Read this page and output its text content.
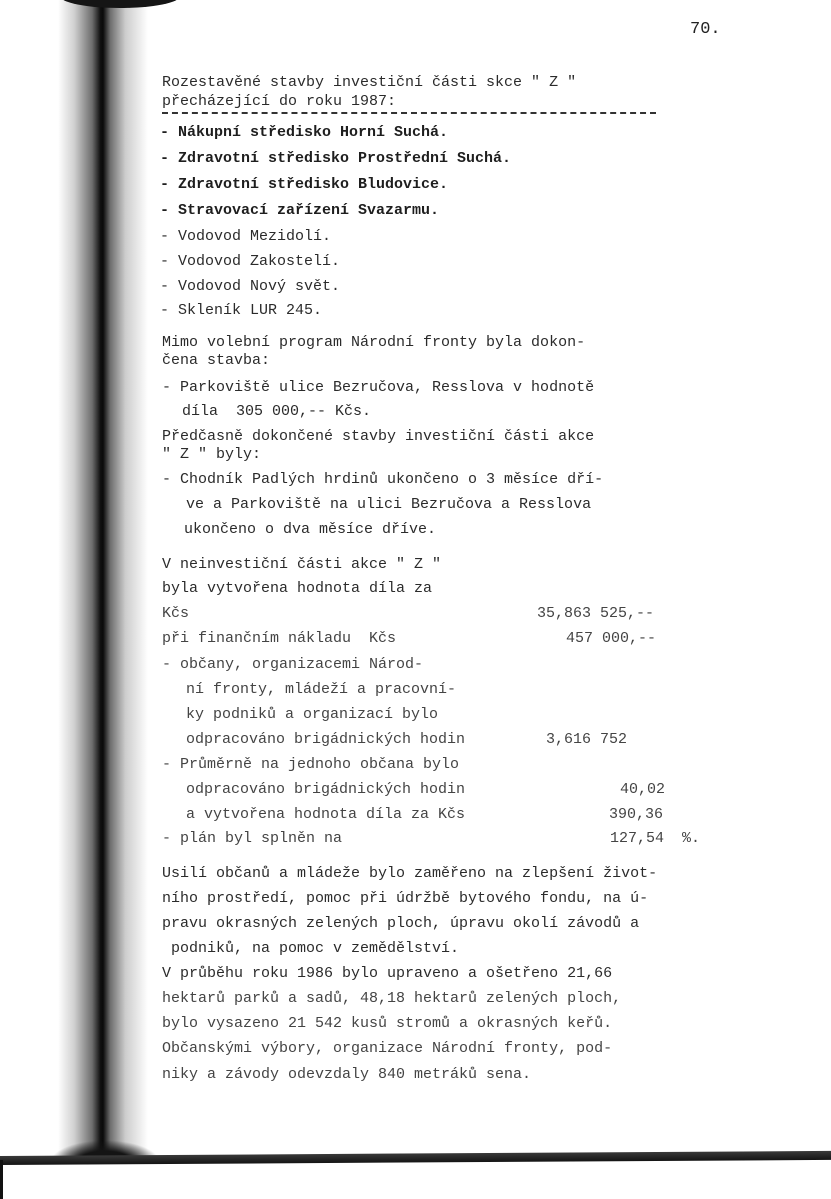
70.
Rozestavěné stavby investiční části skce " Z "
přecházející do roku 1987:
- Nákupní středisko Horní Suchá.
- Zdravotní středisko Prostřední Suchá.
- Zdravotní středisko Bludovice.
- Stravovací zařízení Svazarmu.
- Vodovod Mezidolí.
- Vodovod Zakostelí.
- Vodovod Nový svět.
- Skleník LUR 245.
Mimo volební program Národní fronty byla dokon-
čena stavba:
- Parkoviště ulice Bezručova, Resslova v hodnotě
díla  305 000,-- Kčs.
Předčasně dokončené stavby investiční části akce
" Z " byly:
- Chodník Padlých hrdinů ukončeno o 3 měsíce dří-
ve a Parkoviště na ulici Bezručova a Resslova
ukončeno o dva měsíce dříve.
V neinvestiční části akce " Z "
byla vytvořena hodnota díla za
Kčs	35,863 525,--
při finančním nákladu  Kčs	457 000,--
- občany, organizacemi Národ-
ní fronty, mládeží a pracovní-
ky podniků a organizací bylo
odpracováno brigádnických hodin	3,616 752
- Průměrně na jednoho občana bylo
odpracováno brigádnických hodin	40,02
a vytvořena hodnota díla za Kčs	390,36
- plán byl splněn na	127,54  %.
Usilí občanů a mládeže bylo zaměřeno na zlepšení život-
ního prostředí, pomoc při údržbě bytového fondu, na ú-
pravu okrasných zelených ploch, úpravu okolí závodů a
podniků, na pomoc v zemědělství.
V průběhu roku 1986 bylo upraveno a ošetřeno 21,66
hektarů parků a sadů, 48,18 hektarů zelených ploch,
bylo vysazeno 21 542 kusů stromů a okrasných keřů.
Občanskými výbory, organizace Národní fronty, pod-
niky a závody odevzdaly 840 metráků sena.
